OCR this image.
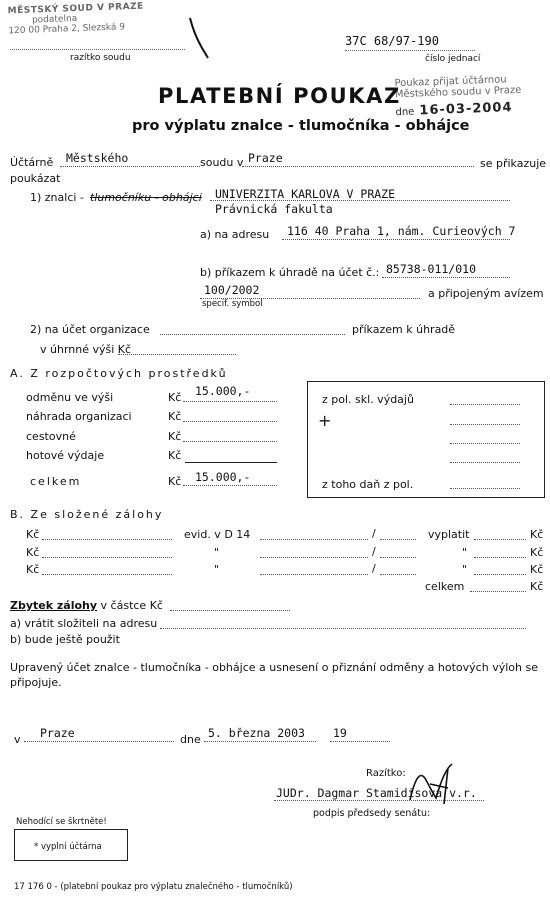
MĚSTSKÝ SOUD V PRAZE
podatelna
120 00 Praha 2, Slezská 9
razítko soudu
37C 68/97-190
číslo jednací
Poukaz přijat účtárnou
Městského soudu v Praze
dne 16-03-2004
PLATEBNÍ POUKAZ
pro výplatu znalce - tlumočníka - obhájce
Účtárně Městského	soudu v Praze	se přikazuje
poukázat
1) znalci - tlumočníku - obhájci UNIVERZITA KARLOVA V PRAZE
Právnická fakulta
a) na adresu 116 40 Praha 1, nám. Curieových 7
b) příkazem k úhradě na účet č.: 85738-011/010
100/2002
specif. symbol
a připojeným avízem
2) na účet organizace	příkazem k úhradě
v úhrnné výši Kč
A. Z rozpočtových prostředků
odměnu ve výši	Kč 15.000,-
náhrada organizaci	Kč
cestovné	Kč
hotové výdaje	Kč
celkem	Kč 15.000,-
z pol. skl. výdajů
+
z toho daň z pol.
B. Ze složené zálohy
Kč	evid. v D 14	/	vyplatit	Kč
Kč	"	/	"	Kč
Kč	"	/	"	Kč
celkem	Kč
Zbytek zálohy v částce Kč
a) vrátit složiteli na adresu
b) bude ještě použit
Upravený účet znalce - tlumočníka - obhájce a usnesení o přiznání odměny a hotových výloh se
připojuje.
v Praze	dne 5. března 2003 19
Razítko:
JUDr. Dagmar Stamidisová v.r.
podpis předsedy senátu:
Nehodící se škrtněte!
* vyplní účtárna
17 176 0 - (platební poukaz pro výplatu znalečného - tlumočníků)
